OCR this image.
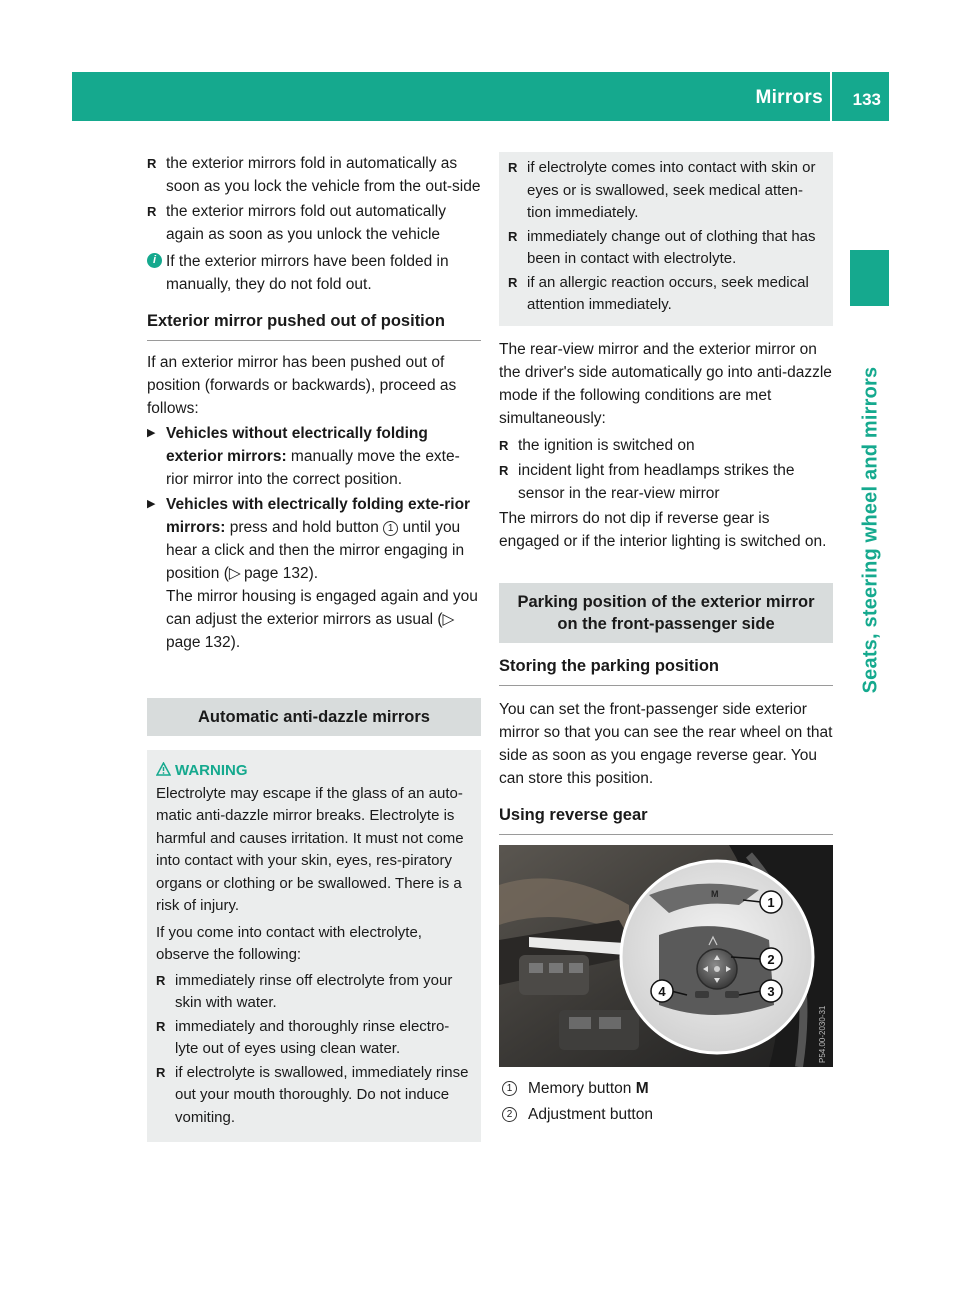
Mirrors 133
Seats, steering wheel and mirrors
R the exterior mirrors fold in automatically as soon as you lock the vehicle from the out-side
R the exterior mirrors fold out automatically again as soon as you unlock the vehicle
i If the exterior mirrors have been folded in manually, they do not fold out.
Exterior mirror pushed out of position

If an exterior mirror has been pushed out of position (forwards or backwards), proceed as follows:

▶ Vehicles without electrically folding exterior mirrors: manually move the exte-rior mirror into the correct position.
▶ Vehicles with electrically folding exte-rior mirrors: press and hold button 1 until you hear a click and then the mirror engaging in position (▷ page 132).
The mirror housing is engaged again and you can adjust the exterior mirrors as usual (▷ page 132).
Automatic anti-dazzle mirrors
WARNING

Electrolyte may escape if the glass of an auto-matic anti-dazzle mirror breaks. Electrolyte is harmful and causes irritation. It must not come into contact with your skin, eyes, res-piratory organs or clothing or be swallowed. There is a risk of injury.

If you come into contact with electrolyte, observe the following:

R immediately rinse off electrolyte from your skin with water.
R immediately and thoroughly rinse electro-lyte out of eyes using clean water.
R if electrolyte is swallowed, immediately rinse out your mouth thoroughly. Do not induce vomiting.
R if electrolyte comes into contact with skin or eyes or is swallowed, seek medical atten-tion immediately.
R immediately change out of clothing that has been in contact with electrolyte.
R if an allergic reaction occurs, seek medical attention immediately.

The rear-view mirror and the exterior mirror on the driver's side automatically go into anti-dazzle mode if the following conditions are met simultaneously:

R the ignition is switched on
R incident light from headlamps strikes the sensor in the rear-view mirror

The mirrors do not dip if reverse gear is engaged or if the interior lighting is switched on.

Parking position of the exterior mirror on the front-passenger side
Storing the parking position

You can set the front-passenger side exterior mirror so that you can see the rear wheel on that side as soon as you engage reverse gear. You can store this position.

Using reverse gear
M
1
2
3
4
P54.00-2030-31
1	Memory button M
2	Adjustment button
